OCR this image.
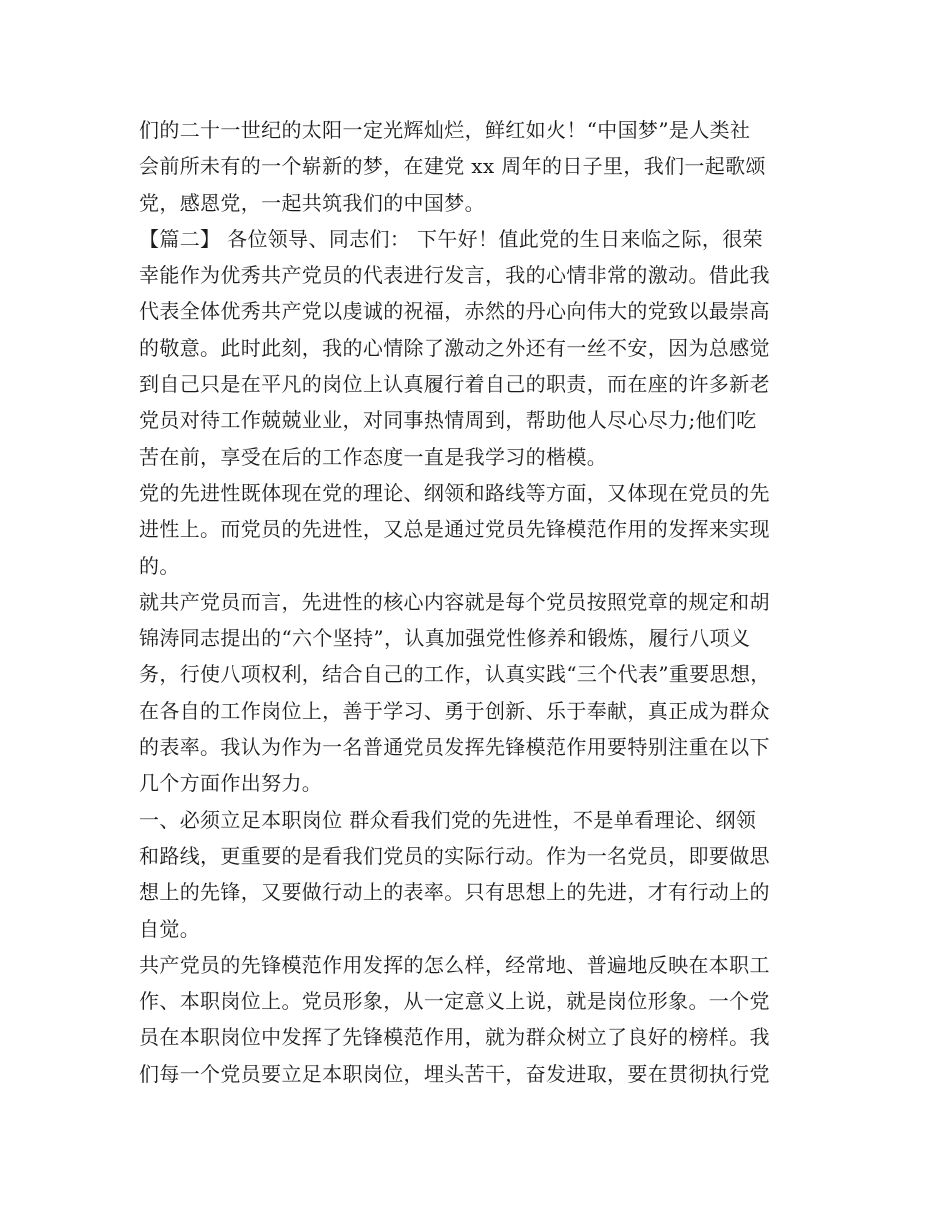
们的二十一世纪的太阳一定光辉灿烂，鲜红如火！“中国梦”是人类社
会前所未有的一个崭新的梦，在建党 xx 周年的日子里，我们一起歌颂
党，感恩党，一起共筑我们的中国梦。
【篇二】 各位领导、同志们： 下午好！值此党的生日来临之际，很荣
幸能作为优秀共产党员的代表进行发言，我的心情非常的激动。借此我
代表全体优秀共产党以虔诚的祝福，赤然的丹心向伟大的党致以最崇高
的敬意。此时此刻，我的心情除了激动之外还有一丝不安，因为总感觉
到自己只是在平凡的岗位上认真履行着自己的职责，而在座的许多新老
党员对待工作兢兢业业，对同事热情周到，帮助他人尽心尽力;他们吃
苦在前，享受在后的工作态度一直是我学习的楷模。
党的先进性既体现在党的理论、纲领和路线等方面，又体现在党员的先
进性上。而党员的先进性，又总是通过党员先锋模范作用的发挥来实现
的。
就共产党员而言，先进性的核心内容就是每个党员按照党章的规定和胡
锦涛同志提出的“六个坚持”，认真加强党性修养和锻炼，履行八项义
务，行使八项权利，结合自己的工作，认真实践“三个代表”重要思想，
在各自的工作岗位上，善于学习、勇于创新、乐于奉献，真正成为群众
的表率。我认为作为一名普通党员发挥先锋模范作用要特别注重在以下
几个方面作出努力。
一、必须立足本职岗位 群众看我们党的先进性，不是单看理论、纲领
和路线，更重要的是看我们党员的实际行动。作为一名党员，即要做思
想上的先锋，又要做行动上的表率。只有思想上的先进，才有行动上的
自觉。
共产党员的先锋模范作用发挥的怎么样，经常地、普遍地反映在本职工
作、本职岗位上。党员形象，从一定意义上说，就是岗位形象。一个党
员在本职岗位中发挥了先锋模范作用，就为群众树立了良好的榜样。我
们每一个党员要立足本职岗位，埋头苦干，奋发进取，要在贯彻执行党
